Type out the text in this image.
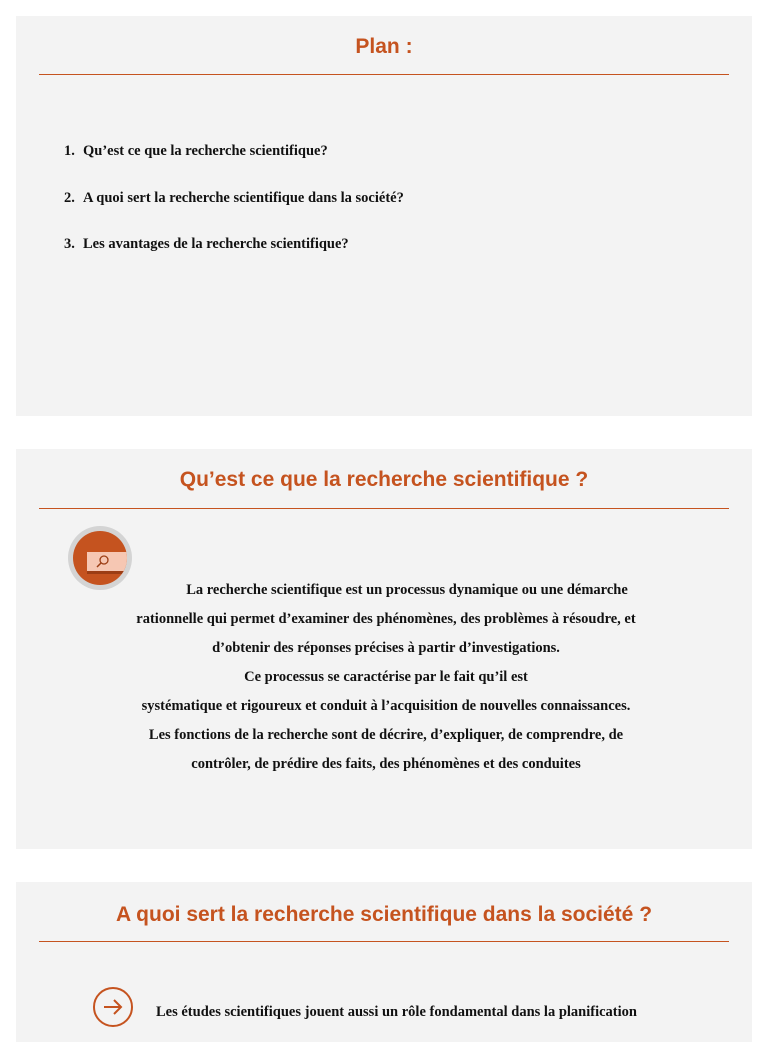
Plan :
1. Qu’est ce que la recherche scientifique?
2. A quoi sert la recherche scientifique dans la société?
3. Les avantages de la recherche scientifique?
Qu’est ce que la recherche scientifique ?
La recherche scientifique est un processus dynamique ou une démarche
rationnelle qui permet d’examiner des phénomènes, des problèmes à résoudre, et
d’obtenir des réponses précises à partir d’investigations.
Ce processus se caractérise par le fait qu’il est
systématique et rigoureux et conduit à l’acquisition de nouvelles connaissances.
Les fonctions de la recherche sont de décrire, d’expliquer, de comprendre, de
contrôler, de prédire des faits, des phénomènes et des conduites
A quoi sert la recherche scientifique dans la société ?

Les études scientifiques jouent aussi un rôle fondamental dans la planification
